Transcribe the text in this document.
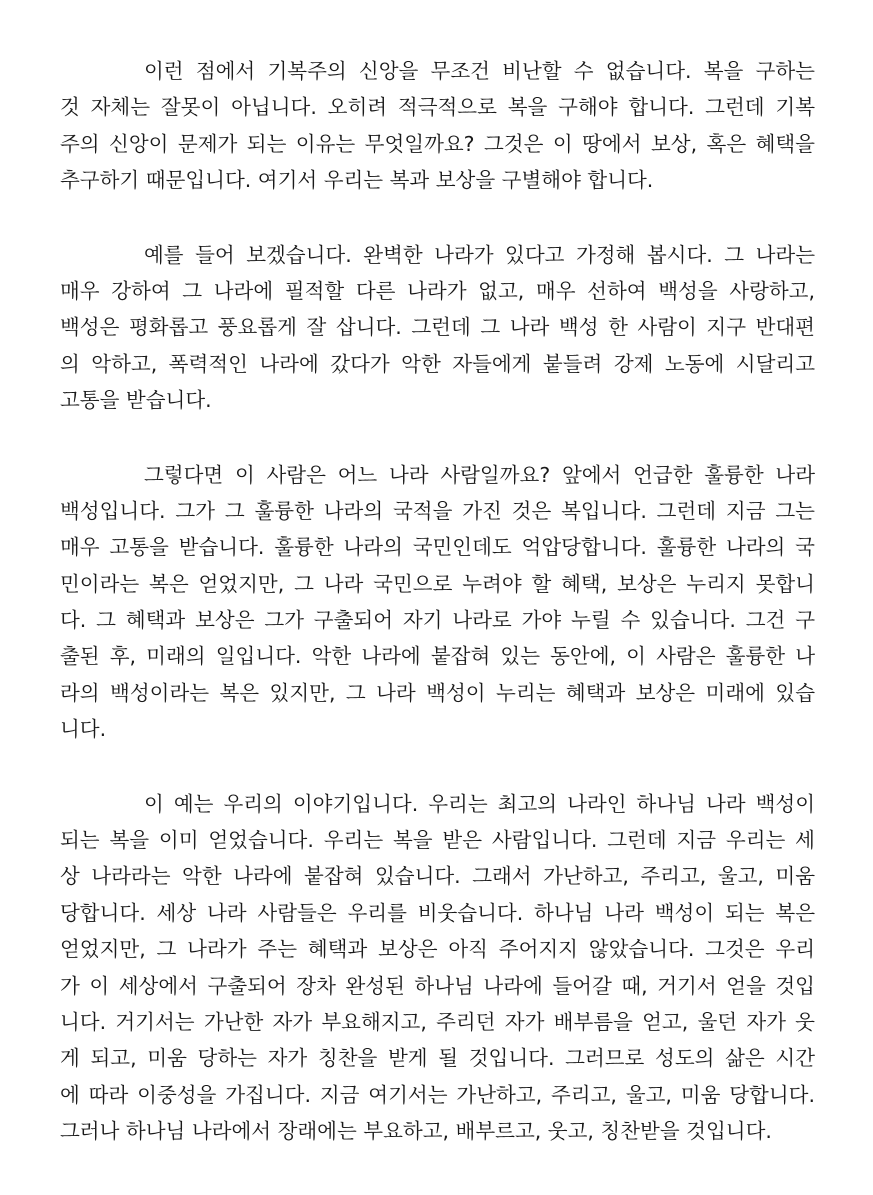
이런 점에서 기복주의 신앙을 무조건 비난할 수 없습니다. 복을 구하는
것 자체는 잘못이 아닙니다. 오히려 적극적으로 복을 구해야 합니다. 그런데 기복
주의 신앙이 문제가 되는 이유는 무엇일까요? 그것은 이 땅에서 보상, 혹은 혜택을
추구하기 때문입니다. 여기서 우리는 복과 보상을 구별해야 합니다.
예를 들어 보겠습니다. 완벽한 나라가 있다고 가정해 봅시다. 그 나라는
매우 강하여 그 나라에 필적할 다른 나라가 없고, 매우 선하여 백성을 사랑하고,
백성은 평화롭고 풍요롭게 잘 삽니다. 그런데 그 나라 백성 한 사람이 지구 반대편
의 악하고, 폭력적인 나라에 갔다가 악한 자들에게 붙들려 강제 노동에 시달리고
고통을 받습니다.
그렇다면 이 사람은 어느 나라 사람일까요? 앞에서 언급한 훌륭한 나라
백성입니다. 그가 그 훌륭한 나라의 국적을 가진 것은 복입니다. 그런데 지금 그는
매우 고통을 받습니다. 훌륭한 나라의 국민인데도 억압당합니다. 훌륭한 나라의 국
민이라는 복은 얻었지만, 그 나라 국민으로 누려야 할 혜택, 보상은 누리지 못합니
다. 그 혜택과 보상은 그가 구출되어 자기 나라로 가야 누릴 수 있습니다. 그건 구
출된 후, 미래의 일입니다. 악한 나라에 붙잡혀 있는 동안에, 이 사람은 훌륭한 나
라의 백성이라는 복은 있지만, 그 나라 백성이 누리는 혜택과 보상은 미래에 있습
니다.
이 예는 우리의 이야기입니다. 우리는 최고의 나라인 하나님 나라 백성이
되는 복을 이미 얻었습니다. 우리는 복을 받은 사람입니다. 그런데 지금 우리는 세
상 나라라는 악한 나라에 붙잡혀 있습니다. 그래서 가난하고, 주리고, 울고, 미움
당합니다. 세상 나라 사람들은 우리를 비웃습니다. 하나님 나라 백성이 되는 복은
얻었지만, 그 나라가 주는 혜택과 보상은 아직 주어지지 않았습니다. 그것은 우리
가 이 세상에서 구출되어 장차 완성된 하나님 나라에 들어갈 때, 거기서 얻을 것입
니다. 거기서는 가난한 자가 부요해지고, 주리던 자가 배부름을 얻고, 울던 자가 웃
게 되고, 미움 당하는 자가 칭찬을 받게 될 것입니다. 그러므로 성도의 삶은 시간
에 따라 이중성을 가집니다. 지금 여기서는 가난하고, 주리고, 울고, 미움 당합니다.
그러나 하나님 나라에서 장래에는 부요하고, 배부르고, 웃고, 칭찬받을 것입니다.
